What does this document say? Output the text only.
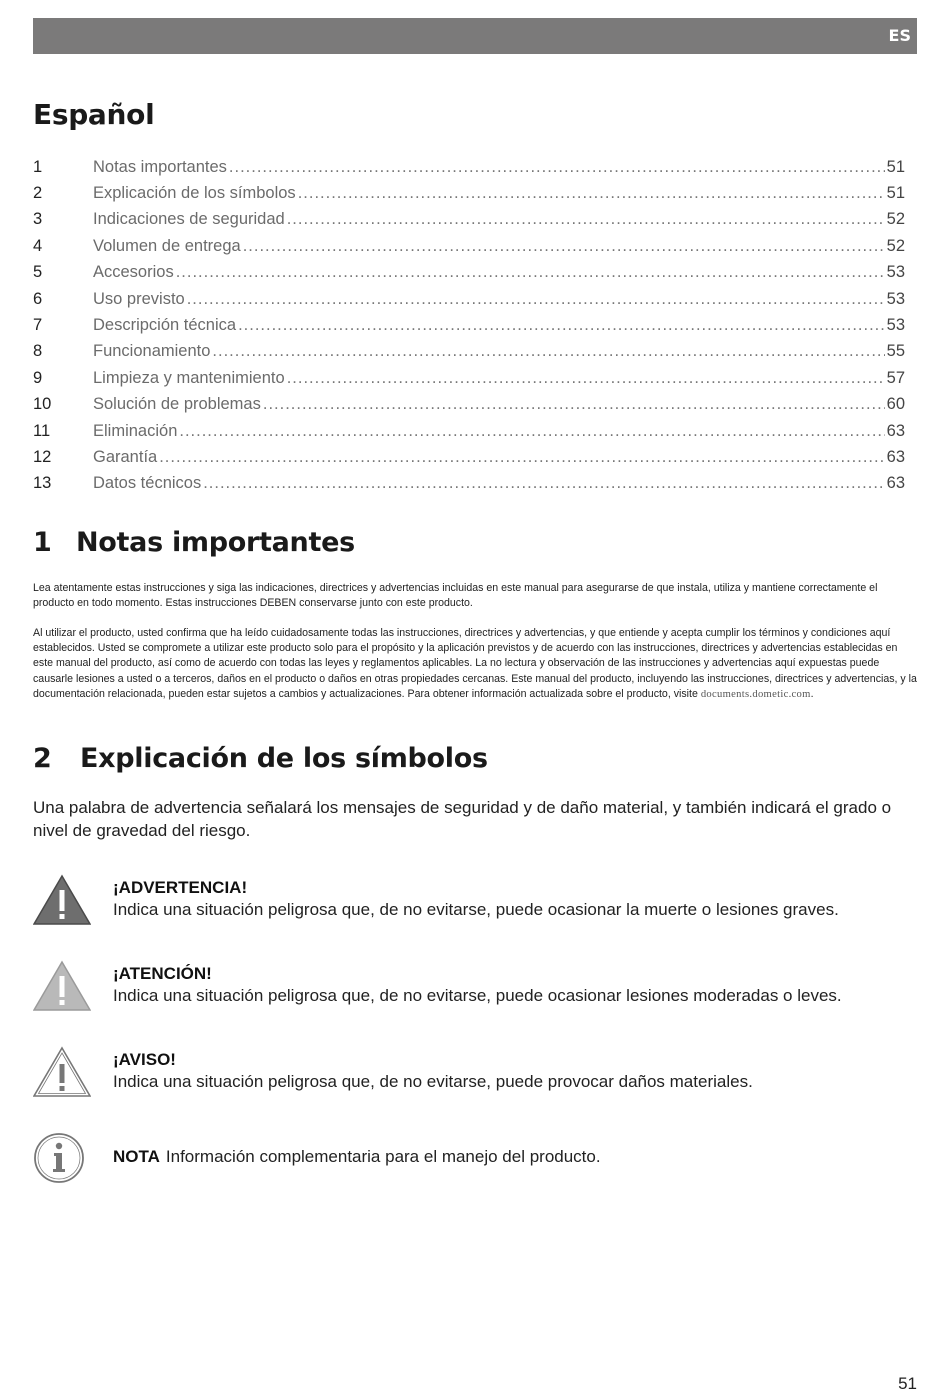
ES
Español
1	Notas importantes .....	51
2	Explicación de los símbolos .....	51
3	Indicaciones de seguridad .....	52
4	Volumen de entrega .....	52
5	Accesorios .....	53
6	Uso previsto .....	53
7	Descripción técnica .....	53
8	Funcionamiento .....	55
9	Limpieza y mantenimiento .....	57
10	Solución de problemas .....	60
11	Eliminación .....	63
12	Garantía .....	63
13	Datos técnicos .....	63
1 Notas importantes

Lea atentamente estas instrucciones y siga las indicaciones, directrices y advertencias incluidas en este manual para asegurarse de que instala, utiliza y mantiene correctamente el producto en todo momento. Estas instrucciones DEBEN conservarse junto con este producto.

Al utilizar el producto, usted confirma que ha leído cuidadosamente todas las instrucciones, directrices y advertencias, y que entiende y acepta cumplir los términos y condiciones aquí establecidos. Usted se compromete a utilizar este producto solo para el propósito y la aplicación previstos y de acuerdo con las instrucciones, directrices y advertencias establecidas en este manual del producto, así como de acuerdo con todas las leyes y reglamentos aplicables. La no lectura y observación de las instrucciones y advertencias aquí expuestas puede causarle lesiones a usted o a terceros, daños en el producto o daños en otras propiedades cercanas. Este manual del producto, incluyendo las instrucciones, directrices y advertencias, y la documentación relacionada, pueden estar sujetos a cambios y actualizaciones. Para obtener información actualizada sobre el producto, visite documents.dometic.com.

2 Explicación de los símbolos

Una palabra de advertencia señalará los mensajes de seguridad y de daño material, y también indicará el grado o nivel de gravedad del riesgo.

¡ADVERTENCIA!
Indica una situación peligrosa que, de no evitarse, puede ocasionar la muerte o lesiones graves.
¡ATENCIÓN!
Indica una situación peligrosa que, de no evitarse, puede ocasionar lesiones moderadas o leves.
¡AVISO!
Indica una situación peligrosa que, de no evitarse, puede provocar daños materiales.
NOTA Información complementaria para el manejo del producto.
51
